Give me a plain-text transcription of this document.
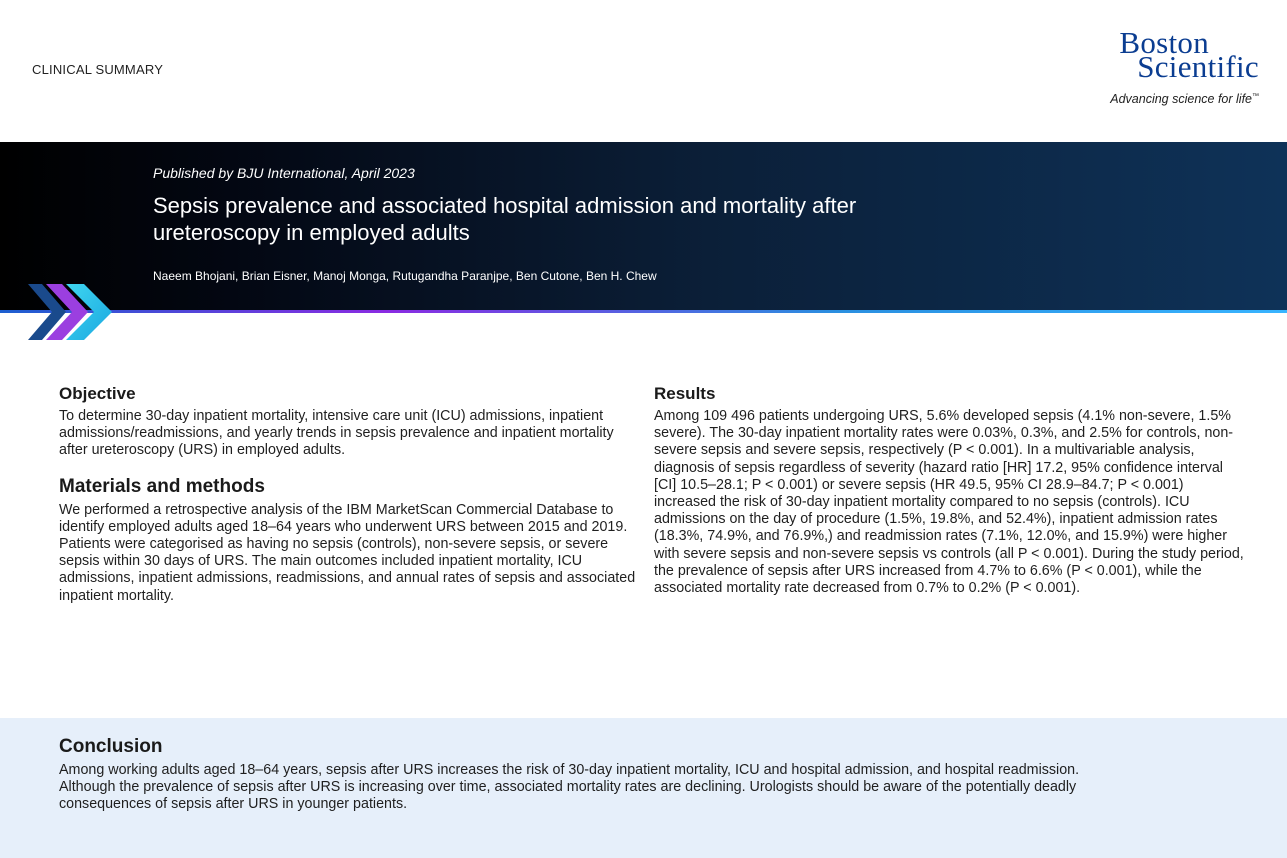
CLINICAL SUMMARY
Boston
Scientific
Advancing science for life™
Published by BJU International, April 2023
Sepsis prevalence and associated hospital admission and mortality after ureteroscopy in employed adults
Naeem Bhojani, Brian Eisner, Manoj Monga, Rutugandha Paranjpe, Ben Cutone, Ben H. Chew
Objective

To determine 30-day inpatient mortality, intensive care unit (ICU) admissions, inpatient admissions/readmissions, and yearly trends in sepsis prevalence and inpatient mortality after ureteroscopy (URS) in employed adults.

Materials and methods

We performed a retrospective analysis of the IBM MarketScan Commercial Database to identify employed adults aged 18–64 years who underwent URS between 2015 and 2019. Patients were categorised as having no sepsis (controls), non-severe sepsis, or severe sepsis within 30 days of URS. The main outcomes included inpatient mortality, ICU admissions, inpatient admissions, readmissions, and annual rates of sepsis and associated inpatient mortality.

Results

Among 109 496 patients undergoing URS, 5.6% developed sepsis (4.1% non-severe, 1.5% severe). The 30-day inpatient mortality rates were 0.03%, 0.3%, and 2.5% for controls, non-severe sepsis and severe sepsis, respectively (P < 0.001). In a multivariable analysis, diagnosis of sepsis regardless of severity (hazard ratio [HR] 17.2, 95% confidence interval [CI] 10.5–28.1; P < 0.001) or severe sepsis (HR 49.5, 95% CI 28.9–84.7; P < 0.001) increased the risk of 30-day inpatient mortality compared to no sepsis (controls). ICU admissions on the day of procedure (1.5%, 19.8%, and 52.4%), inpatient admission rates (18.3%, 74.9%, and 76.9%,) and readmission rates (7.1%, 12.0%, and 15.9%) were higher with severe sepsis and non-severe sepsis vs controls (all P < 0.001). During the study period, the prevalence of sepsis after URS increased from 4.7% to 6.6% (P < 0.001), while the associated mortality rate decreased from 0.7% to 0.2% (P < 0.001).

Conclusion

Among working adults aged 18–64 years, sepsis after URS increases the risk of 30-day inpatient mortality, ICU and hospital admission, and hospital readmission. Although the prevalence of sepsis after URS is increasing over time, associated mortality rates are declining. Urologists should be aware of the potentially deadly consequences of sepsis after URS in younger patients.
